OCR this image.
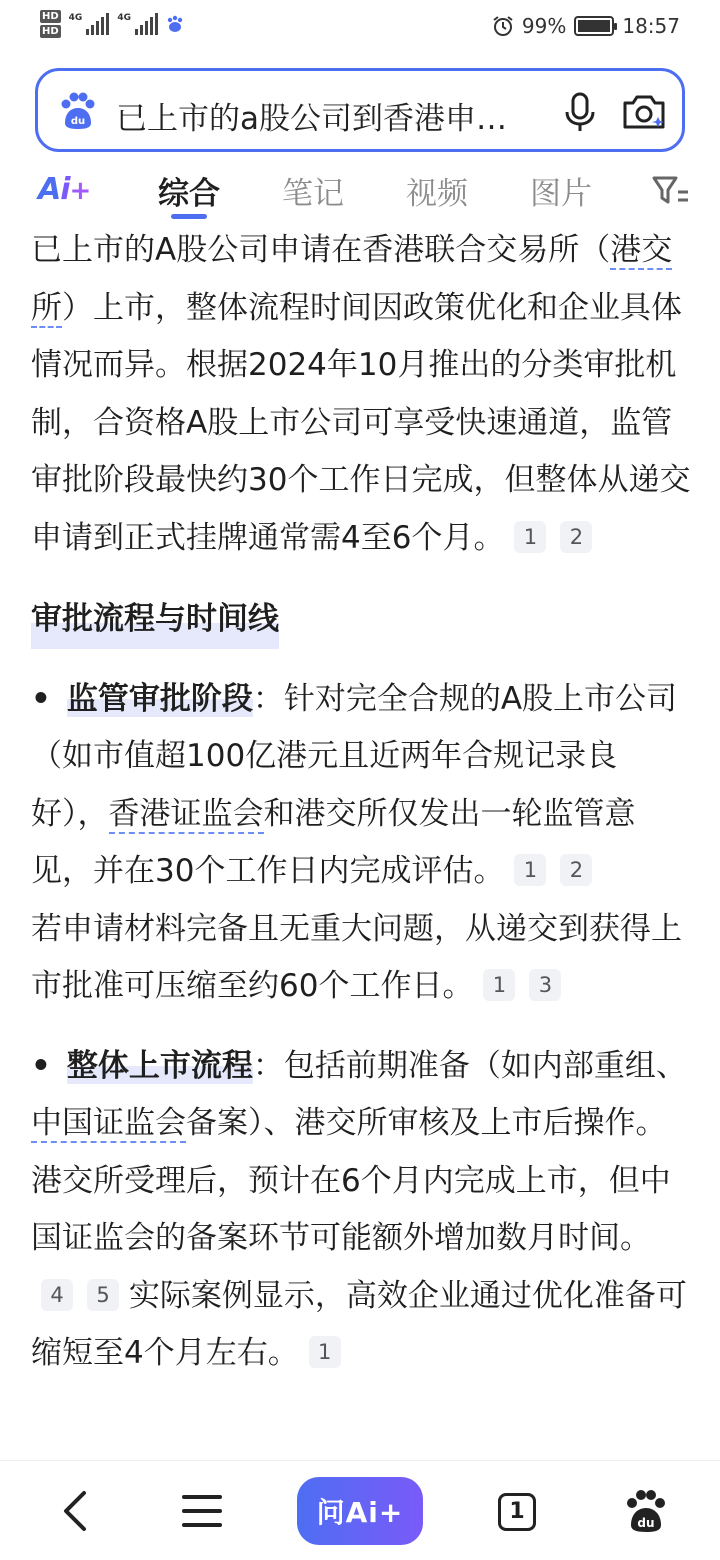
HD
HD
4G	4G	99%	18:57
du 已上市的a股公司到香港申…
Ai+ 综合 笔记 视频 图片

已上市的A股公司申请在香港联合交易所（港交所）上市，整体流程时间因政策优化和企业具体情况而异。根据2024年10月推出的分类审批机制，合资格A股上市公司可享受快速通道，监管审批阶段最快约30个工作日完成，但整体从递交申请到正式挂牌通常需4至6个月。 1 2

审批流程与时间线

• 监管审批阶段：针对完全合规的A股上市公司（如市值超100亿港元且近两年合规记录良好），香港证监会和港交所仅发出一轮监管意见，并在30个工作日内完成评估。 1 2
若申请材料完备且无重大问题，从递交到获得上市批准可压缩至约60个工作日。 1 3

• 整体上市流程：包括前期准备（如内部重组、中国证监会备案）、港交所审核及上市后操作。港交所受理后，预计在6个月内完成上市，但中国证监会的备案环节可能额外增加数月时间。4 5 实际案例显示，高效企业通过优化准备可缩短至4个月左右。 1

问Ai+	1	du
